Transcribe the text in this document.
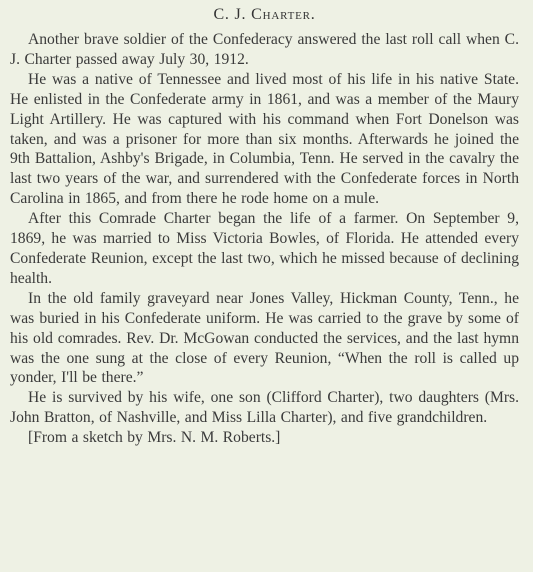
C. J. Charter.

Another brave soldier of the Confederacy answered the last roll call when C. J. Charter passed away July 30, 1912.

He was a native of Tennessee and lived most of his life in his native State. He enlisted in the Confederate army in 1861, and was a member of the Maury Light Artillery. He was captured with his command when Fort Donelson was taken, and was a prisoner for more than six months. Afterwards he joined the 9th Battalion, Ashby's Brigade, in Columbia, Tenn. He served in the cavalry the last two years of the war, and surrendered with the Confederate forces in North Carolina in 1865, and from there he rode home on a mule.

After this Comrade Charter began the life of a farmer. On September 9, 1869, he was married to Miss Victoria Bowles, of Florida. He attended every Confederate Reunion, except the last two, which he missed because of declining health.

In the old family graveyard near Jones Valley, Hickman County, Tenn., he was buried in his Confederate uniform. He was carried to the grave by some of his old comrades. Rev. Dr. McGowan conducted the services, and the last hymn was the one sung at the close of every Reunion, “When the roll is called up yonder, I'll be there.”

He is survived by his wife, one son (Clifford Charter), two daughters (Mrs. John Bratton, of Nashville, and Miss Lilla Charter), and five grandchildren.

[From a sketch by Mrs. N. M. Roberts.]
